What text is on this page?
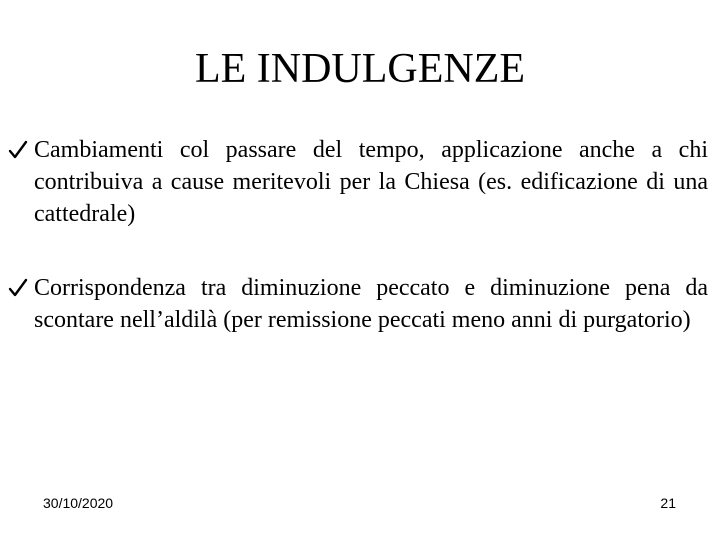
LE INDULGENZE
Cambiamenti col passare del tempo, applicazione anche a chi contribuiva a cause meritevoli per la Chiesa (es. edificazione di una cattedrale)
Corrispondenza tra diminuzione peccato e diminuzione pena da scontare nell’aldilà (per remissione peccati meno anni di purgatorio)
30/10/2020	21
